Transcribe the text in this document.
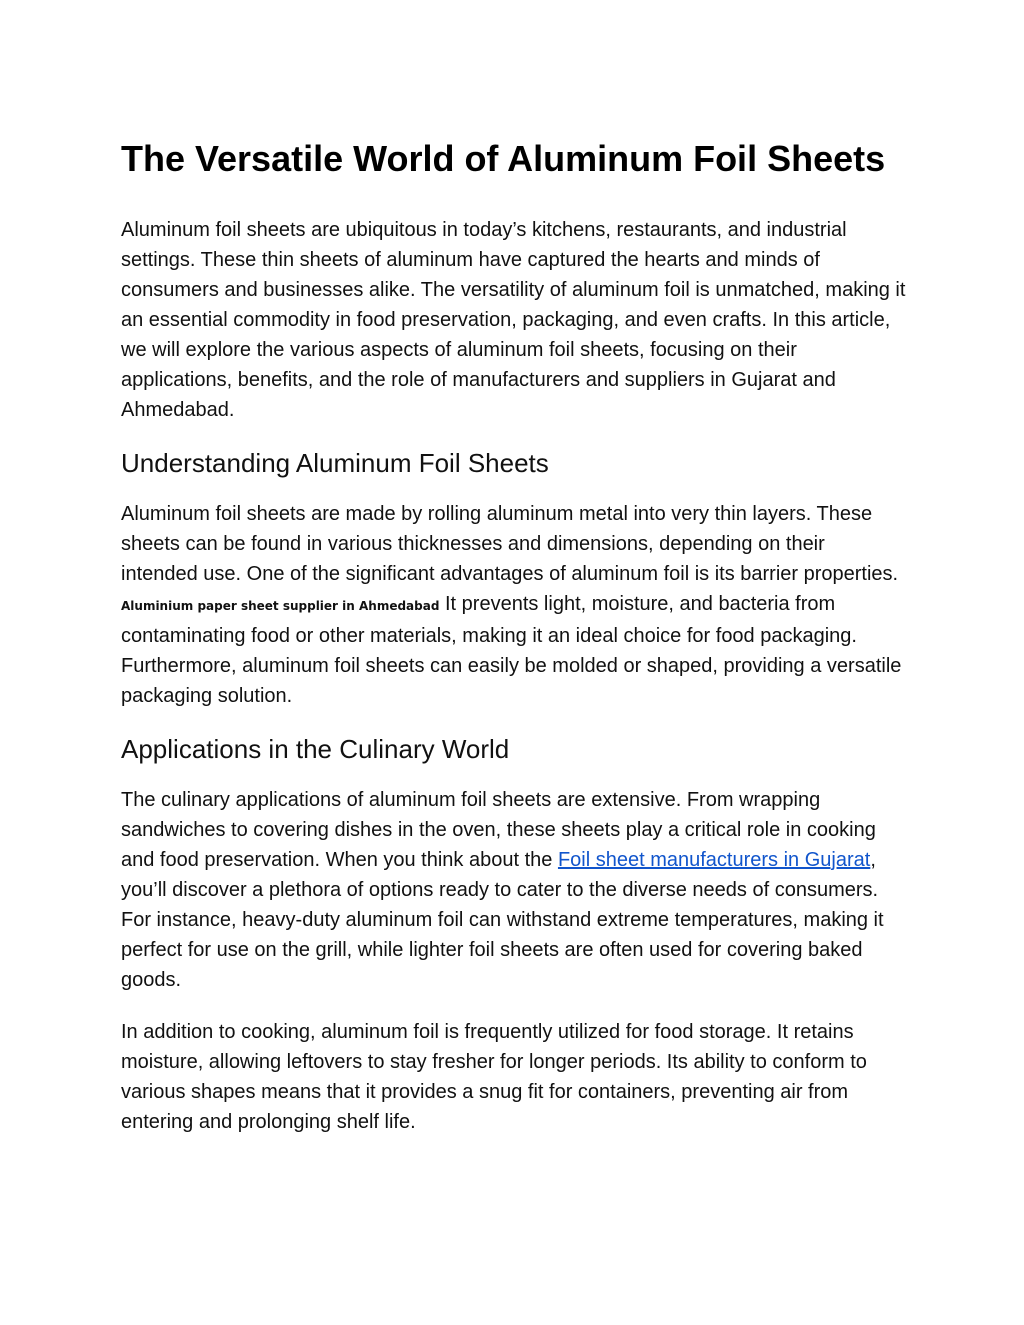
The Versatile World of Aluminum Foil Sheets

Aluminum foil sheets are ubiquitous in today’s kitchens, restaurants, and industrial settings. These thin sheets of aluminum have captured the hearts and minds of consumers and businesses alike. The versatility of aluminum foil is unmatched, making it an essential commodity in food preservation, packaging, and even crafts. In this article, we will explore the various aspects of aluminum foil sheets, focusing on their applications, benefits, and the role of manufacturers and suppliers in Gujarat and Ahmedabad.

Understanding Aluminum Foil Sheets

Aluminum foil sheets are made by rolling aluminum metal into very thin layers. These sheets can be found in various thicknesses and dimensions, depending on their intended use. One of the significant advantages of aluminum foil is its barrier properties. Aluminium paper sheet supplier in Ahmedabad It prevents light, moisture, and bacteria from contaminating food or other materials, making it an ideal choice for food packaging. Furthermore, aluminum foil sheets can easily be molded or shaped, providing a versatile packaging solution.

Applications in the Culinary World

The culinary applications of aluminum foil sheets are extensive. From wrapping sandwiches to covering dishes in the oven, these sheets play a critical role in cooking and food preservation. When you think about the Foil sheet manufacturers in Gujarat, you’ll discover a plethora of options ready to cater to the diverse needs of consumers. For instance, heavy-duty aluminum foil can withstand extreme temperatures, making it perfect for use on the grill, while lighter foil sheets are often used for covering baked goods.

In addition to cooking, aluminum foil is frequently utilized for food storage. It retains moisture, allowing leftovers to stay fresher for longer periods. Its ability to conform to various shapes means that it provides a snug fit for containers, preventing air from entering and prolonging shelf life.
